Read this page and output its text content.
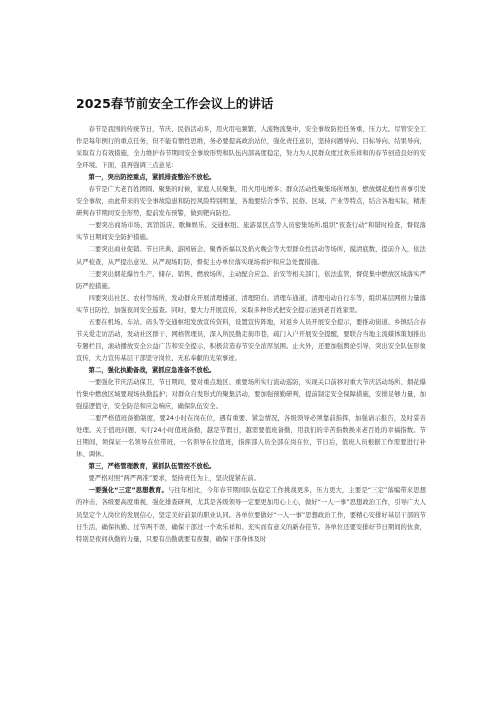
2025春节前安全工作会议上的讲话

春节是我国的传统节日，节庆、民俗活动多，用火用电频繁，人流物流集中，安全事故防控任务重、压力大。尽管安全工作是每年例行的重点任务，但不能有惯性思维，务必要提高政治站位，强化责任意识，坚持问题导向、目标导向、结果导向，采取有力有效措施，全力维护春节期间安全事故形势和队伍内部高度稳定，努力为人民群众度过欢乐祥和的春节创造良好的安全环境。下面，我再强调三点意见：

第一，突出防控重点，紧抓排查整治不放松。

春节是广大老百姓团圆、聚集的时候，家庭人员聚集，用火用电增多；群众活动性聚集场所增加，燃放烟花炮竹喜事引发安全事故，由此带来的安全事故隐患和防控风险特别明显，各地要结合季节、民俗、区域、产业等特点，结合各地实际，精准研判春节期间安全形势，提前发布预警，做到靶向防控。

一要突出商场市场、宾馆饭店、歌舞娱乐、交通枢纽、旅游景区点等人员密集场所,组织“夜查行动”和错时检查，督促落实节日期间安全防护措施。

二要突出商业促销、节日庆典、游园庙会、聚香祈福以及焰火晚会等大型群众性活动等场所，摸清底数，提前介入，依法从严检查，从严提出意见、从严现场盯防，督促主办单位落实现场看护和应急处置措施。

三要突出烟花爆竹生产、储存、销售、燃放场所，主动配合应急、治安等相关部门，依法监管，督促集中燃放区域落实严防严控措施。

四要突出社区、农村等场所，发动群众开展清理楼道、清理阳台、清理车通道、清理电动自行车等，组织基层网格力量落实节日防控，加强夜间安全巡查。同时，要大力开展宣传，采取多种形式把安全提示送到老百姓家里。

五要在机场、车站、码头等交通枢纽发放宣传资料，设置宣传阵地，对返乡人员开展安全提示，要推动街道、乡镇结合春节关爱走访活动，发动社区群干、网格管理员，深入所民勤走街串巷，疏门入户开展安全提醒，要联合当地主流媒体策划推出专题栏目，滚动播放安全公益广告和安全提示，积极营造春节安全浓厚氛围。止火外，还要加强舆论引导，突出安全队伍形象宣传，大力宣传基层干部坚守岗位、无私奉献的光荣事迹。

第二，强化执勤备战，紧抓应急准备不放松。

一要强化节庆活动保卫，节日期间，要对重点地区、重要场所实行流动巡防，实现关口前移对重大节庆活动场所、烟花爆竹集中燃放区域要现场执勤监护；对群众自发形式的聚集活动，要加强预勤研判，提前制定安全保障措施，安排足够力量，加强巡逻值守，安全防范和应急响应，确保队伍安全。

二要严格值班备勤制度，要24小时在岗在位，遇有重要、紧急情况，各级领导必须靠前指挥，加强请示报告，及时妥善处理。关于值班问题，实行24小时值班备勤，越是节假日，越需要值班备勤，用我们的辛苦指数换来老百姓的幸福指数。节日期间，须保证一名领导在位带班，一名领导在位值班，指挥部人员全部在岗在位，节日后，值班人员根据工作需要进行补休、调休。

第三，严格管理教育，紧抓队伍管控不放松。

要严格对照“两严两准”要求，坚持责任为上，坚决捉紧在前。

一要强化“三定”思想教育。与往年相比，今年春节期间队伍稳定工作挑战更多，压力更大，主要是“三定”落编带来思想的冲击，各级要高度重视，强化排查研判，尤其是各级领导一定要更加用心上心，做好“一人一事”思想政治工作，引导广大人员坚定个人岗位的发展信心，坚定美好前景的职业认同。各单位要做好“一人一事”思想政治工作，要精心安排好基层干部的节日生活，确保执勤、过节两不误，确保干部过一个欢乐祥和、充实而有意义的新春佳节。各单位还要安排好节日期间的伙食，特别是夜间执勤的力量，只要有出勤就要有夜餐，确保干部身体及时
